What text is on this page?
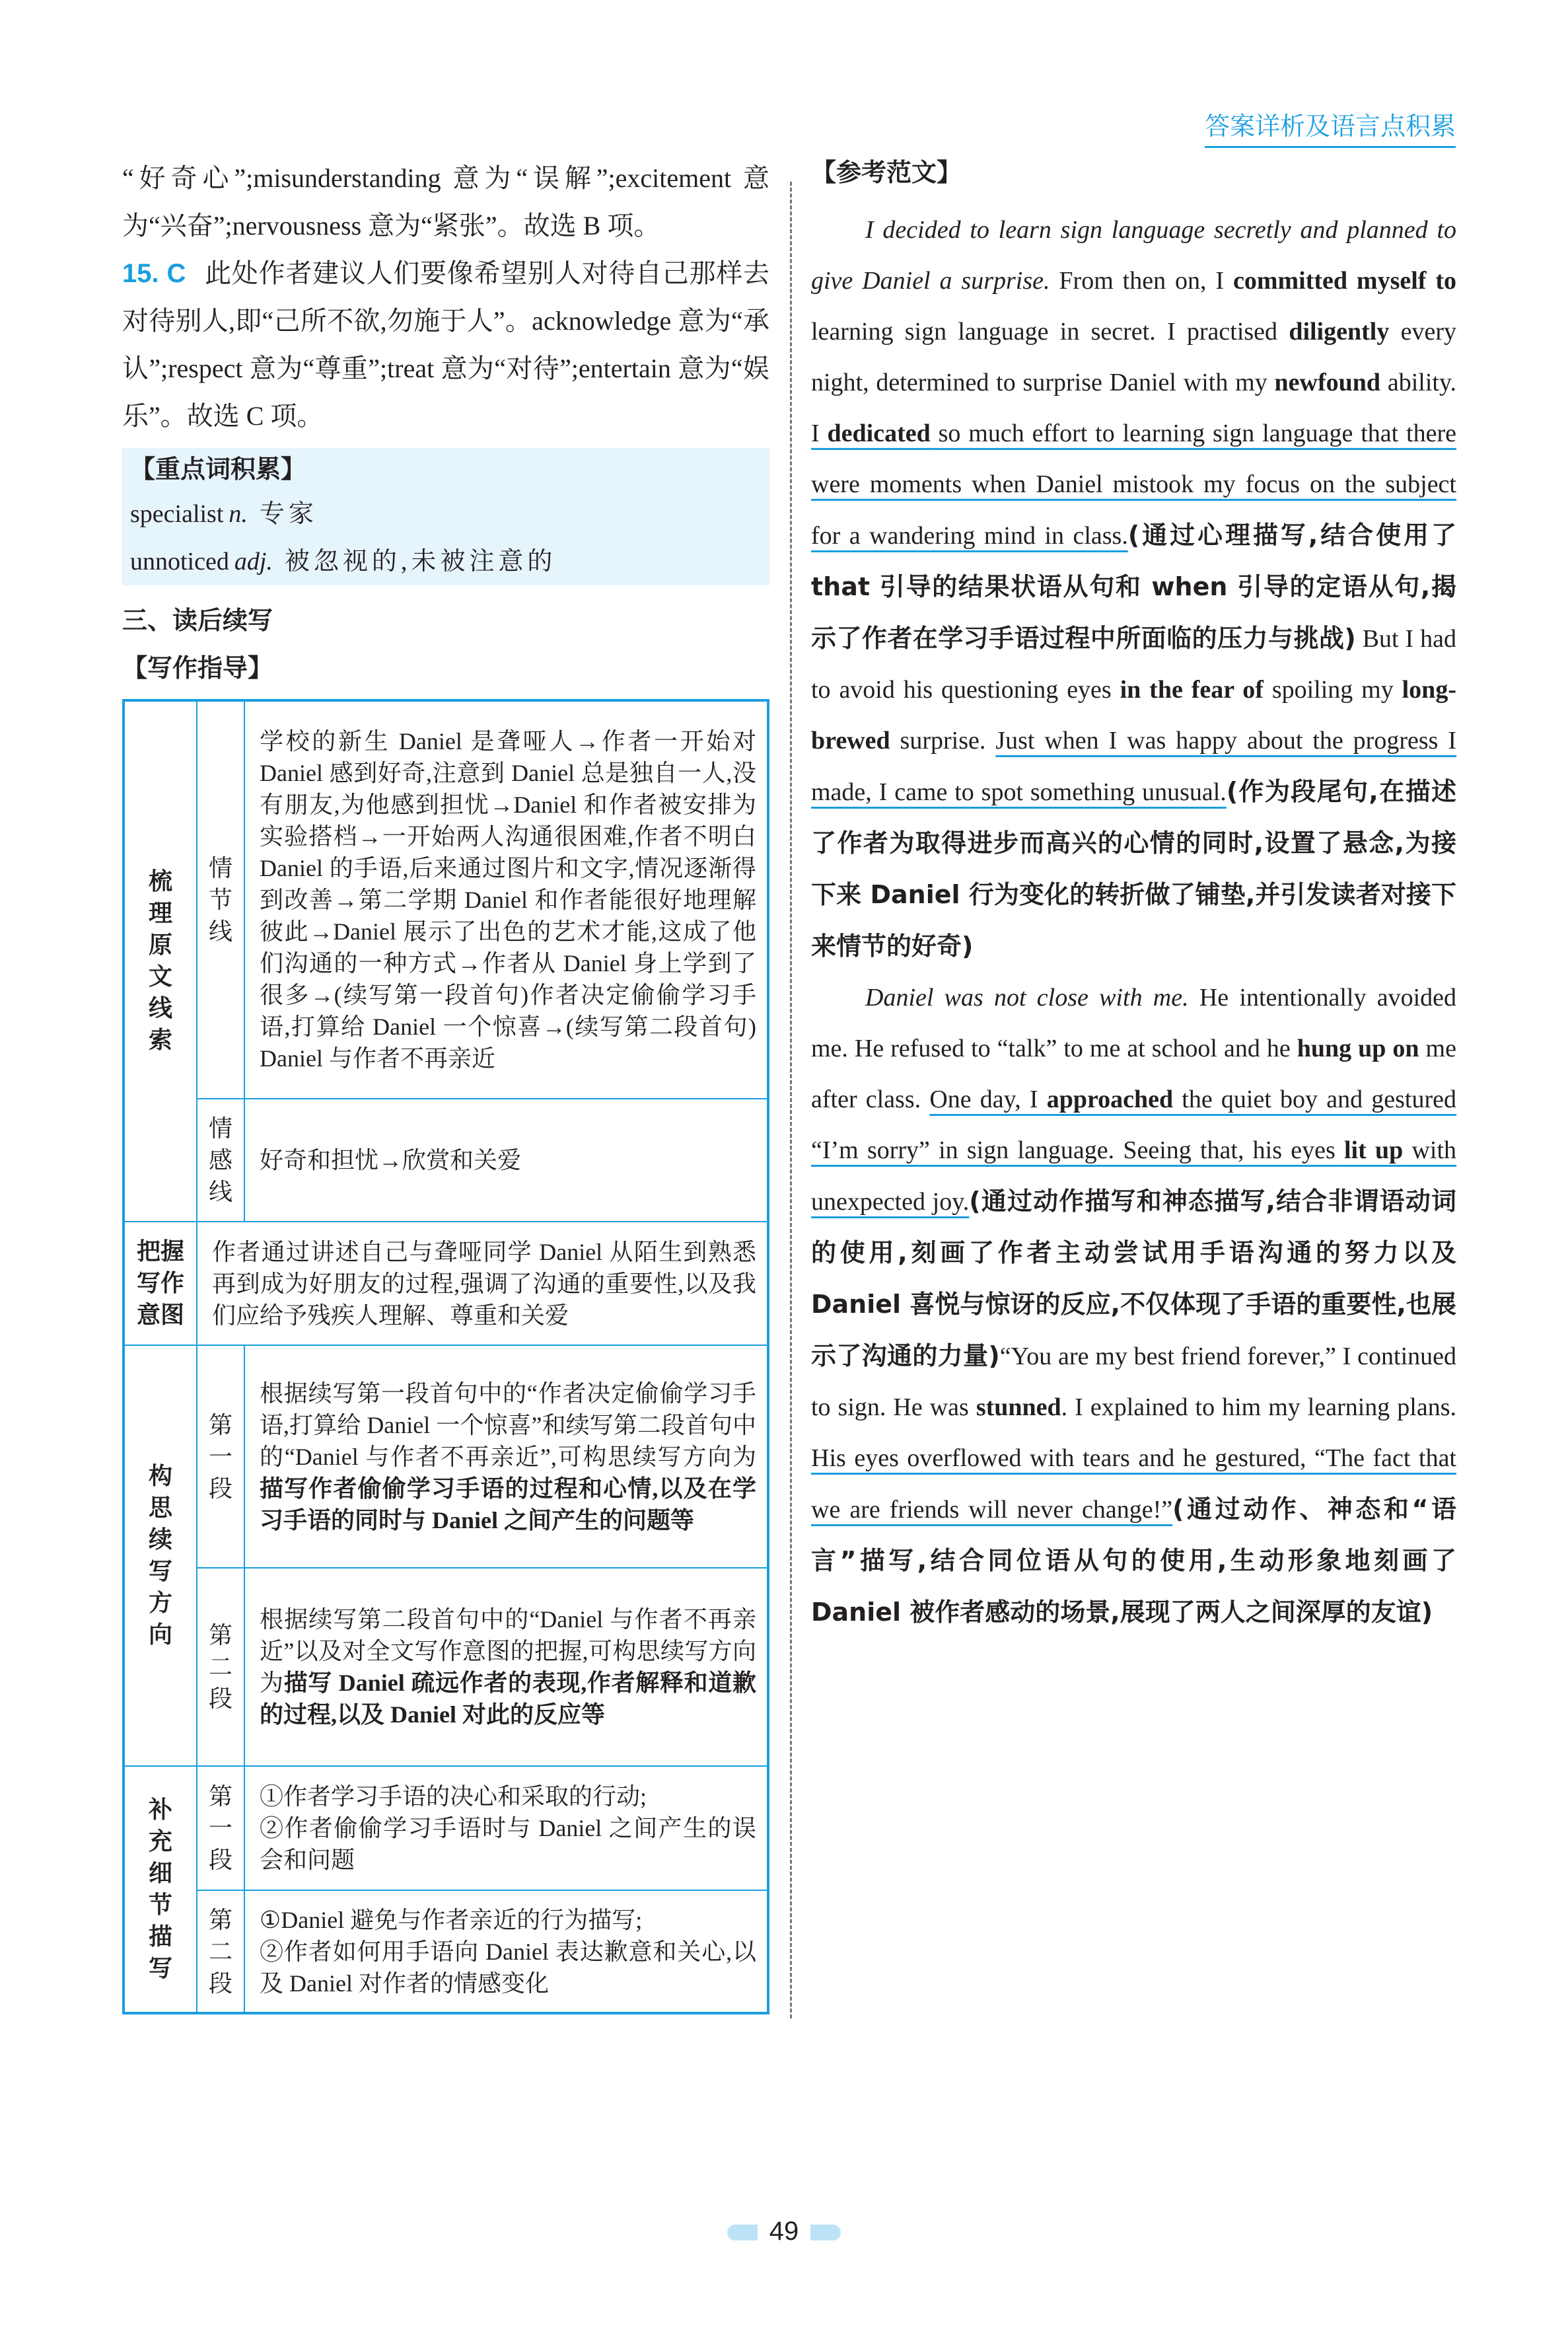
答案详析及语言点积累
“好奇心”;misunderstanding 意为“误解”;excitement 意为“兴奋”;nervousness 意为“紧张”。故选 B 项。
15. C 此处作者建议人们要像希望别人对待自己那样去对待别人,即“己所不欲,勿施于人”。acknowledge 意为“承认”;respect 意为“尊重”;treat 意为“对待”;entertain 意为“娱乐”。故选 C 项。
【重点词积累】
specialist n. 专家
unnoticed adj. 被忽视的,未被注意的
三、读后续写
【写作指导】
梳理原文线索	情节线	学校的新生 Daniel 是聋哑人→作者一开始对 Daniel 感到好奇,注意到 Daniel 总是独自一人,没有朋友,为他感到担忧→Daniel 和作者被安排为实验搭档→一开始两人沟通很困难,作者不明白 Daniel 的手语,后来通过图片和文字,情况逐渐得到改善→第二学期 Daniel 和作者能很好地理解彼此→Daniel 展示了出色的艺术才能,这成了他们沟通的一种方式→作者从 Daniel 身上学到了很多→(续写第一段首句)作者决定偷偷学习手语,打算给 Daniel 一个惊喜→(续写第二段首句) Daniel 与作者不再亲近
	情感线	好奇和担忧→欣赏和关爱
把握写作意图	作者通过讲述自己与聋哑同学 Daniel 从陌生到熟悉再到成为好朋友的过程,强调了沟通的重要性,以及我们应给予残疾人理解、尊重和关爱	
构思续写方向	第一段	根据续写第一段首句中的“作者决定偷偷学习手语,打算给 Daniel 一个惊喜”和续写第二段首句中的“Daniel 与作者不再亲近”,可构思续写方向为描写作者偷偷学习手语的过程和心情,以及在学习手语的同时与 Daniel 之间产生的问题等
	第二段	根据续写第二段首句中的“Daniel 与作者不再亲近”以及对全文写作意图的把握,可构思续写方向为描写 Daniel 疏远作者的表现,作者解释和道歉的过程,以及 Daniel 对此的反应等
补充细节描写	第一段	①作者学习手语的决心和采取的行动;
②作者偷偷学习手语时与 Daniel 之间产生的误会和问题

	第二段	①Daniel 避免与作者亲近的行为描写;
②作者如何用手语向 Daniel 表达歉意和关心,以及 Daniel 对作者的情感变化
【参考范文】

I decided to learn sign language secretly and planned to give Daniel a surprise. From then on, I committed myself to learning sign language in secret. I practised diligently every night, determined to surprise Daniel with my newfound ability. I dedicated so much effort to learning sign language that there were moments when Daniel mistook my focus on the subject for a wandering mind in class.(通过心理描写,结合使用了 that 引导的结果状语从句和 when 引导的定语从句,揭示了作者在学习手语过程中所面临的压力与挑战) But I had to avoid his questioning eyes in the fear of spoiling my long-brewed surprise. Just when I was happy about the progress I made, I came to spot something unusual.(作为段尾句,在描述了作者为取得进步而高兴的心情的同时,设置了悬念,为接下来 Daniel 行为变化的转折做了铺垫,并引发读者对接下来情节的好奇)

Daniel was not close with me. He intentionally avoided me. He refused to “talk” to me at school and he hung up on me after class. One day, I approached the quiet boy and gestured “I’m sorry” in sign language. Seeing that, his eyes lit up with unexpected joy.(通过动作描写和神态描写,结合非谓语动词的使用,刻画了作者主动尝试用手语沟通的努力以及 Daniel 喜悦与惊讶的反应,不仅体现了手语的重要性,也展示了沟通的力量)“You are my best friend forever,” I continued to sign. He was stunned. I explained to him my learning plans. His eyes overflowed with tears and he gestured, “The fact that we are friends will never change!”(通过动作、神态和“语言”描写,结合同位语从句的使用,生动形象地刻画了 Daniel 被作者感动的场景,展现了两人之间深厚的友谊)

49
